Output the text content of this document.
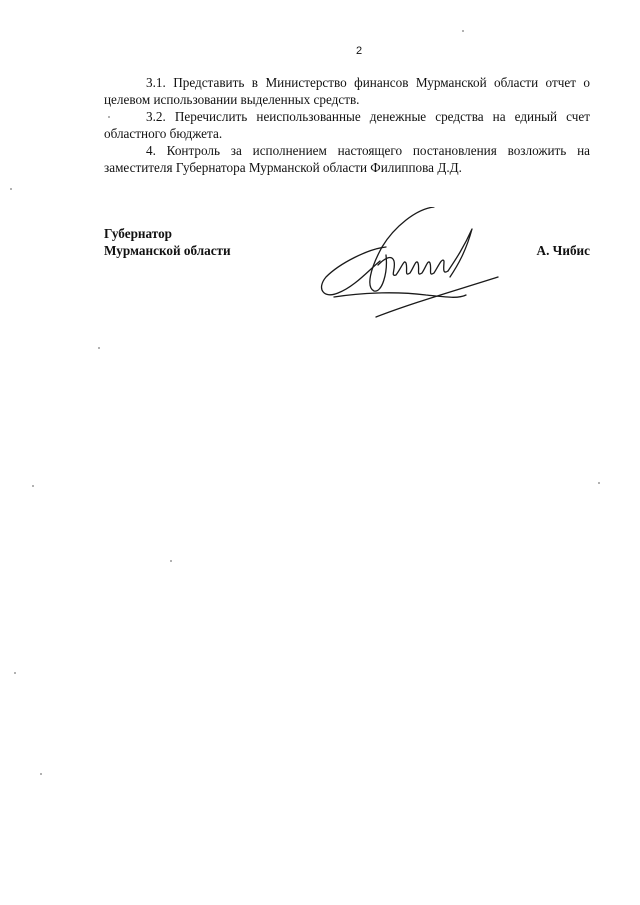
2

3.1. Представить в Министерство финансов Мурманской области отчет о целевом использовании выделенных средств.

3.2. Перечислить неиспользованные денежные средства на единый счет областного бюджета.

4. Контроль за исполнением настоящего постановления возложить на заместителя Губернатора Мурманской области Филиппова Д.Д.

Губернатор
Мурманской области	А. Чибис
